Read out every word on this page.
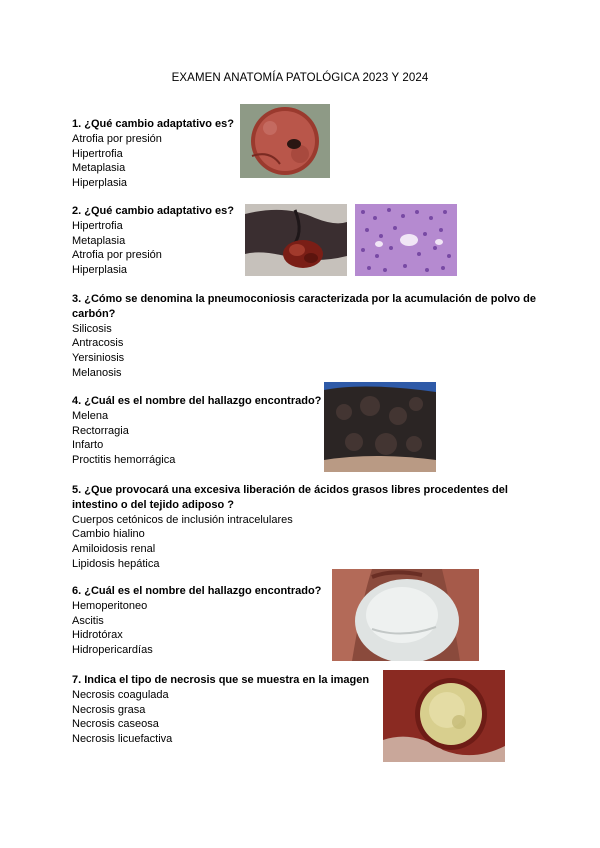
EXAMEN ANATOMÍA PATOLÓGICA 2023 Y 2024
1. ¿Qué cambio adaptativo es?
Atrofia por presión
Hipertrofia
Metaplasia
Hiperplasia
2. ¿Qué cambio adaptativo es?
Hipertrofia
Metaplasia
Atrofia por presión
Hiperplasia
3. ¿Cómo se denomina la pneumoconiosis caracterizada por la acumulación de polvo de carbón?
Silicosis
Antracosis
Yersiniosis
Melanosis
4. ¿Cuál es el nombre del hallazgo encontrado?
Melena
Rectorragia
Infarto
Proctitis hemorrágica
5. ¿Que provocará una excesiva liberación de ácidos grasos libres procedentes del intestino o del tejido adiposo ?
Cuerpos cetónicos de inclusión intracelulares
Cambio hialino
Amiloidosis renal
Lipidosis hepática
6. ¿Cuál es el nombre del hallazgo encontrado?
Hemoperitoneo
Ascitis
Hidrotórax
Hidropericardías
7. Indica el tipo de necrosis que se muestra en la imagen
Necrosis coagulada
Necrosis grasa
Necrosis caseosa
Necrosis licuefactiva
